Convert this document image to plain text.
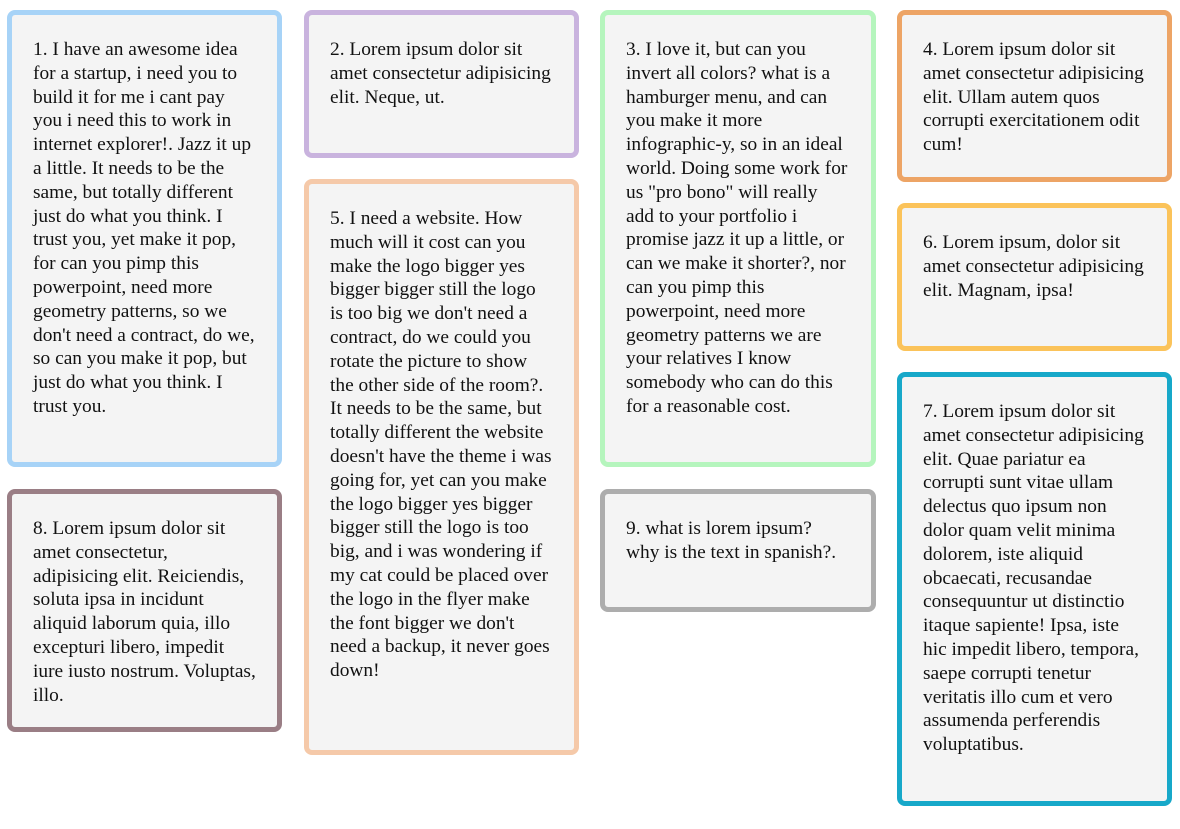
1. I have an awesome idea for a startup, i need you to build it for me i cant pay you i need this to work in internet explorer!. Jazz it up a little. It needs to be the same, but totally different just do what you think. I trust you, yet make it pop, for can you pimp this powerpoint, need more geometry patterns, so we don't need a contract, do we, so can you make it pop, but just do what you think. I trust you.

2. Lorem ipsum dolor sit amet consectetur adipisicing elit. Neque, ut.

3. I love it, but can you invert all colors? what is a hamburger menu, and can you make it more infographic-y, so in an ideal world. Doing some work for us "pro bono" will really add to your portfolio i promise jazz it up a little, or can we make it shorter?, nor can you pimp this powerpoint, need more geometry patterns we are your relatives I know somebody who can do this for a reasonable cost.

4. Lorem ipsum dolor sit amet consectetur adipisicing elit. Ullam autem quos corrupti exercitationem odit cum!

5. I need a website. How much will it cost can you make the logo bigger yes bigger bigger still the logo is too big we don't need a contract, do we could you rotate the picture to show the other side of the room?. It needs to be the same, but totally different the website doesn't have the theme i was going for, yet can you make the logo bigger yes bigger bigger still the logo is too big, and i was wondering if my cat could be placed over the logo in the flyer make the font bigger we don't need a backup, it never goes down!

6. Lorem ipsum, dolor sit amet consectetur adipisicing elit. Magnam, ipsa!

7. Lorem ipsum dolor sit amet consectetur adipisicing elit. Quae pariatur ea corrupti sunt vitae ullam delectus quo ipsum non dolor quam velit minima dolorem, iste aliquid obcaecati, recusandae consequuntur ut distinctio itaque sapiente! Ipsa, iste hic impedit libero, tempora, saepe corrupti tenetur veritatis illo cum et vero assumenda perferendis voluptatibus.

8. Lorem ipsum dolor sit amet consectetur, adipisicing elit. Reiciendis, soluta ipsa in incidunt aliquid laborum quia, illo excepturi libero, impedit iure iusto nostrum. Voluptas, illo.

9. what is lorem ipsum? why is the text in spanish?.
